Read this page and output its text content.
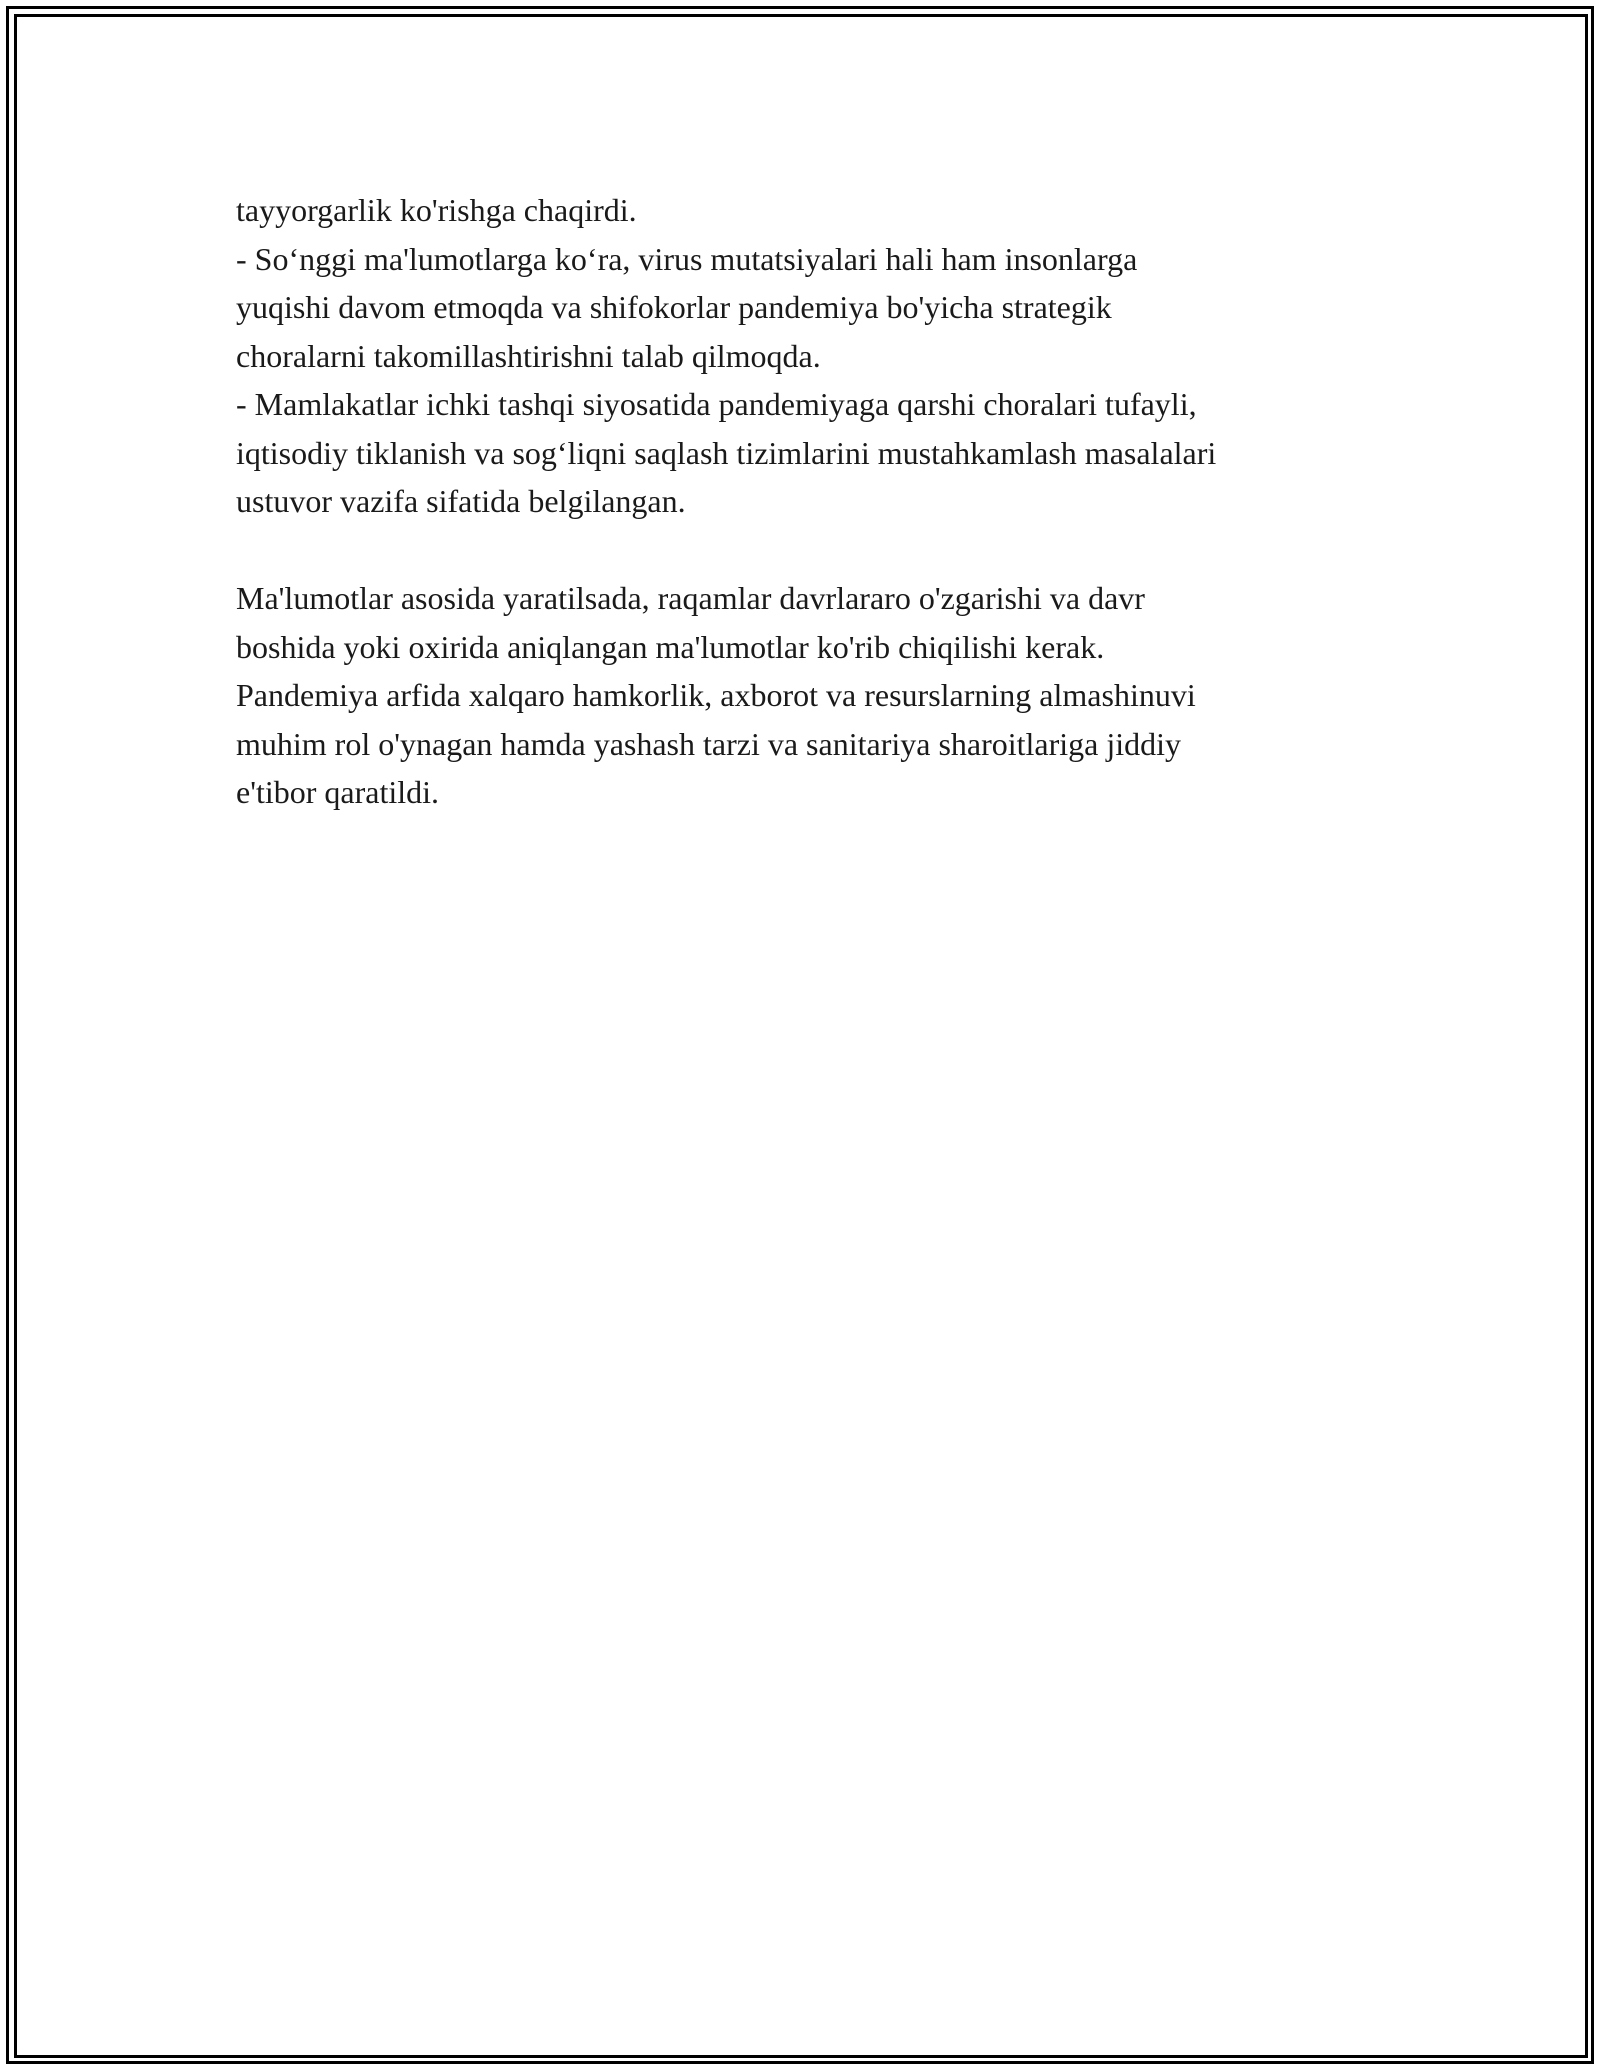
tayyorgarlik ko'rishga chaqirdi.
- So‘nggi ma'lumotlarga ko‘ra, virus mutatsiyalari hali ham insonlarga
yuqishi davom etmoqda va shifokorlar pandemiya bo'yicha strategik
choralarni takomillashtirishni talab qilmoqda.
- Mamlakatlar ichki tashqi siyosatida pandemiyaga qarshi choralari tufayli,
iqtisodiy tiklanish va sog‘liqni saqlash tizimlarini mustahkamlash masalalari
ustuvor vazifa sifatida belgilangan.
Ma'lumotlar asosida yaratilsada, raqamlar davrlararo o'zgarishi va davr
boshida yoki oxirida aniqlangan ma'lumotlar ko'rib chiqilishi kerak.
Pandemiya arfida xalqaro hamkorlik, axborot va resurslarning almashinuvi
muhim rol o'ynagan hamda yashash tarzi va sanitariya sharoitlariga jiddiy
e'tibor qaratildi.
